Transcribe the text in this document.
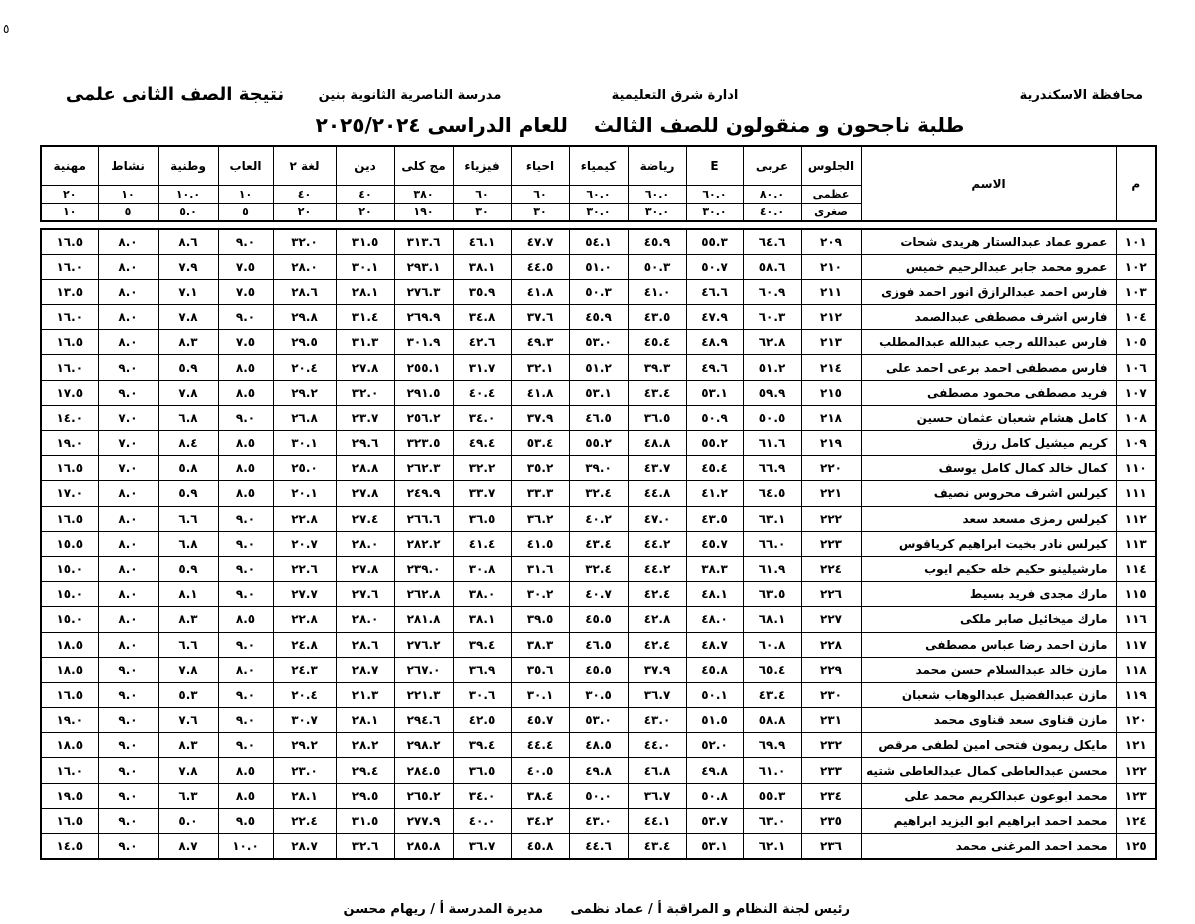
٥
محافظة الاسكندرية
ادارة شرق التعليمية
مدرسة الناصرية الثانوية بنين
نتيجة الصف الثانى علمى
طلبة ناجحون و منقولون للصف الثالثللعام الدراسى ٢٠٢٤/٢٠٢٥
م	الاسم	الجلوس	عربى	E	رياضة	كيمياء	احياء	فيزياء	مج كلى	دين	لغة ٢	العاب	وطنية	نشاط	مهنية
		عظمى	٨٠.٠	٦٠.٠	٦٠.٠	٦٠.٠	٦٠	٦٠	٣٨٠	٤٠	٤٠	١٠	١٠.٠	١٠	٢٠
		صغرى	٤٠.٠	٣٠.٠	٣٠.٠	٣٠.٠	٣٠	٣٠	١٩٠	٢٠	٢٠	٥	٥.٠	٥	١٠
١٠١	عمرو عماد عبدالستار هريدى شحات	٢٠٩	٦٤.٦	٥٥.٣	٤٥.٩	٥٤.١	٤٧.٧	٤٦.١	٣١٣.٦	٣١.٥	٣٢.٠	٩.٠	٨.٦	٨.٠	١٦.٥
١٠٢	عمرو محمد جابر عبدالرحيم خميس	٢١٠	٥٨.٦	٥٠.٧	٥٠.٣	٥١.٠	٤٤.٥	٣٨.١	٢٩٣.١	٣٠.١	٢٨.٠	٧.٥	٧.٩	٨.٠	١٦.٠
١٠٣	فارس احمد عبدالرازق انور احمد فوزى	٢١١	٦٠.٩	٤٦.٦	٤١.٠	٥٠.٣	٤١.٨	٣٥.٩	٢٧٦.٣	٢٨.١	٢٨.٦	٧.٥	٧.١	٨.٠	١٣.٥
١٠٤	فارس اشرف مصطفى عبدالصمد	٢١٢	٦٠.٣	٤٧.٩	٤٣.٥	٤٥.٩	٣٧.٦	٣٤.٨	٢٦٩.٩	٣١.٤	٢٩.٨	٩.٠	٧.٨	٨.٠	١٦.٠
١٠٥	فارس عبدالله رجب عبدالله عبدالمطلب	٢١٣	٦٢.٨	٤٨.٩	٤٥.٤	٥٣.٠	٤٩.٣	٤٢.٦	٣٠١.٩	٣١.٣	٢٩.٥	٧.٥	٨.٣	٨.٠	١٦.٥
١٠٦	فارس مصطفى احمد برعى احمد على	٢١٤	٥١.٢	٤٩.٦	٣٩.٣	٥١.٢	٣٢.١	٣١.٧	٢٥٥.١	٢٧.٨	٢٠.٤	٨.٥	٥.٩	٩.٠	١٦.٠
١٠٧	فريد مصطفى محمود مصطفى	٢١٥	٥٩.٩	٥٣.١	٤٣.٤	٥٣.١	٤١.٨	٤٠.٤	٢٩١.٥	٣٢.٠	٢٩.٢	٨.٥	٧.٨	٩.٠	١٧.٥
١٠٨	كامل هشام شعبان عثمان حسين	٢١٨	٥٠.٥	٥٠.٩	٣٦.٥	٤٦.٥	٣٧.٩	٣٤.٠	٢٥٦.٢	٢٣.٧	٢٦.٨	٩.٠	٦.٨	٧.٠	١٤.٠
١٠٩	كريم ميشيل كامل رزق	٢١٩	٦١.٦	٥٥.٢	٤٨.٨	٥٥.٢	٥٣.٤	٤٩.٤	٣٢٣.٥	٢٩.٦	٣٠.١	٨.٥	٨.٤	٧.٠	١٩.٠
١١٠	كمال خالد كمال كامل يوسف	٢٢٠	٦٦.٩	٤٥.٤	٤٣.٧	٣٩.٠	٣٥.٢	٣٢.٢	٢٦٢.٣	٢٨.٨	٢٥.٠	٨.٥	٥.٨	٧.٠	١٦.٥
١١١	كيرلس اشرف محروس نصيف	٢٢١	٦٤.٥	٤١.٢	٤٤.٨	٣٢.٤	٣٣.٣	٣٣.٧	٢٤٩.٩	٢٧.٨	٢٠.١	٨.٥	٥.٩	٨.٠	١٧.٠
١١٢	كيرلس رمزى مسعد سعد	٢٢٢	٦٣.١	٤٣.٥	٤٧.٠	٤٠.٢	٣٦.٢	٣٦.٥	٢٦٦.٦	٢٧.٤	٢٢.٨	٩.٠	٦.٦	٨.٠	١٦.٥
١١٣	كيرلس نادر بخيت ابراهيم كرياقوس	٢٢٣	٦٦.٠	٤٥.٧	٤٤.٢	٤٣.٤	٤١.٥	٤١.٤	٢٨٢.٢	٢٨.٠	٢٠.٧	٩.٠	٦.٨	٨.٠	١٥.٥
١١٤	مارشيلينو حكيم خله حكيم ايوب	٢٢٤	٦١.٩	٣٨.٣	٤٤.٢	٣٢.٤	٣١.٦	٣٠.٨	٢٣٩.٠	٢٧.٨	٢٢.٦	٩.٠	٥.٩	٨.٠	١٥.٠
١١٥	مارك مجدى فريد بسيط	٢٢٦	٦٣.٥	٤٨.١	٤٢.٤	٤٠.٧	٣٠.٢	٣٨.٠	٢٦٢.٨	٢٧.٦	٢٧.٧	٩.٠	٨.١	٨.٠	١٥.٠
١١٦	مارك ميخائيل صابر ملكى	٢٢٧	٦٨.١	٤٨.٠	٤٢.٨	٤٥.٥	٣٩.٥	٣٨.١	٢٨١.٨	٢٨.٠	٢٢.٨	٨.٥	٨.٣	٨.٠	١٥.٠
١١٧	مازن احمد رضا عباس مصطفى	٢٢٨	٦٠.٨	٤٨.٧	٤٢.٤	٤٦.٥	٣٨.٣	٣٩.٤	٢٧٦.٢	٢٨.٦	٢٤.٨	٩.٠	٦.٦	٨.٠	١٨.٥
١١٨	مازن خالد عبدالسلام حسن محمد	٢٢٩	٦٥.٤	٤٥.٨	٣٧.٩	٤٥.٥	٣٥.٦	٣٦.٩	٢٦٧.٠	٢٨.٧	٢٤.٣	٨.٠	٧.٨	٩.٠	١٨.٥
١١٩	مازن عبدالفضيل عبدالوهاب شعبان	٢٣٠	٤٣.٤	٥٠.١	٣٦.٧	٣٠.٥	٣٠.١	٣٠.٦	٢٢١.٣	٢١.٣	٢٠.٤	٩.٠	٥.٣	٩.٠	١٦.٥
١٢٠	مازن قناوى سعد قناوى محمد	٢٣١	٥٨.٨	٥١.٥	٤٣.٠	٥٣.٠	٤٥.٧	٤٢.٥	٢٩٤.٦	٢٨.١	٣٠.٧	٩.٠	٧.٦	٩.٠	١٩.٠
١٢١	مايكل ريمون فتحى امين لطفى مرقص	٢٣٢	٦٩.٩	٥٢.٠	٤٤.٠	٤٨.٥	٤٤.٤	٣٩.٤	٢٩٨.٢	٢٨.٢	٢٩.٢	٩.٠	٨.٣	٩.٠	١٨.٥
١٢٢	محسن عبدالعاطى كمال عبدالعاطى شتيه	٢٣٣	٦١.٠	٤٩.٨	٤٦.٨	٤٩.٨	٤٠.٥	٣٦.٥	٢٨٤.٥	٢٩.٤	٢٣.٠	٨.٥	٧.٨	٩.٠	١٦.٠
١٢٣	محمد ابوعون عبدالكريم محمد على	٢٣٤	٥٥.٣	٥٠.٨	٣٦.٧	٥٠.٠	٣٨.٤	٣٤.٠	٢٦٥.٢	٢٩.٥	٢٨.١	٨.٥	٦.٣	٩.٠	١٩.٥
١٢٤	محمد احمد ابراهيم ابو اليزيد ابراهيم	٢٣٥	٦٣.٠	٥٣.٧	٤٤.١	٤٣.٠	٣٤.٢	٤٠.٠	٢٧٧.٩	٣١.٥	٢٢.٤	٩.٥	٥.٠	٩.٠	١٦.٥
١٢٥	محمد احمد المرغنى محمد	٢٣٦	٦٢.١	٥٣.١	٤٣.٤	٤٤.٦	٤٥.٨	٣٦.٧	٢٨٥.٨	٣٢.٦	٢٨.٧	١٠.٠	٨.٧	٩.٠	١٤.٥
رئيس لجنة النظام و المراقبة أ / عماد نظمى
مديرة المدرسة أ / ريهام محسن
